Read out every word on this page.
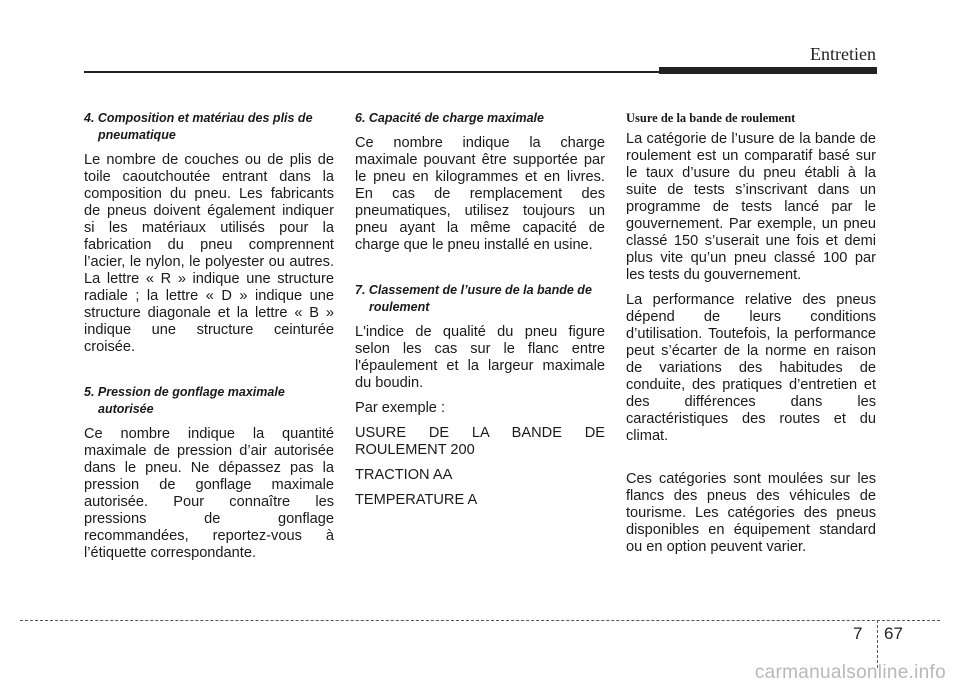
Entretien
4. Composition et matériau des plis de pneumatique

Le nombre de couches ou de plis de toile caoutchoutée entrant dans la composition du pneu. Les fabricants de pneus doivent également indiquer si les matériaux utilisés pour la fabrication du pneu comprennent l’acier, le nylon, le polyester ou autres. La lettre « R » indique une structure radiale ; la lettre « D » indique une structure diagonale et la lettre « B » indique une structure ceinturée croisée.

5. Pression de gonflage maximale autorisée

Ce nombre indique la quantité maximale de pression d’air autorisée dans le pneu. Ne dépassez pas la pression de gonflage maximale autorisée. Pour connaître les pressions de gonflage recommandées, reportez-vous à l’étiquette correspondante.

6. Capacité de charge maximale

Ce nombre indique la charge maximale pouvant être supportée par le pneu en kilogrammes et en livres. En cas de remplacement des pneumatiques, utilisez toujours un pneu ayant la même capacité de charge que le pneu installé en usine.

7. Classement de l’usure de la bande de roulement

L'indice de qualité du pneu figure selon les cas sur le flanc entre l'épaulement et la largeur maximale du boudin.

Par exemple :

USURE DE LA BANDE DE ROULEMENT 200

TRACTION AA

TEMPERATURE A

Usure de la bande de roulement

La catégorie de l’usure de la bande de roulement est un comparatif basé sur le taux d’usure du pneu établi à la suite de tests s’inscrivant dans un programme de tests lancé par le gouvernement. Par exemple, un pneu classé 150 s’userait une fois et demi plus vite qu’un pneu classé 100 par les tests du gouvernement.

La performance relative des pneus dépend de leurs conditions d’utilisation. Toutefois, la performance peut s’écarter de la norme en raison de variations des habitudes de conduite, des pratiques d’entretien et des différences dans les caractéristiques des routes et du climat.

Ces catégories sont moulées sur les flancs des pneus des véhicules de tourisme. Les catégories des pneus disponibles en équipement standard ou en option peuvent varier.

7 67
carmanualsonline.info
